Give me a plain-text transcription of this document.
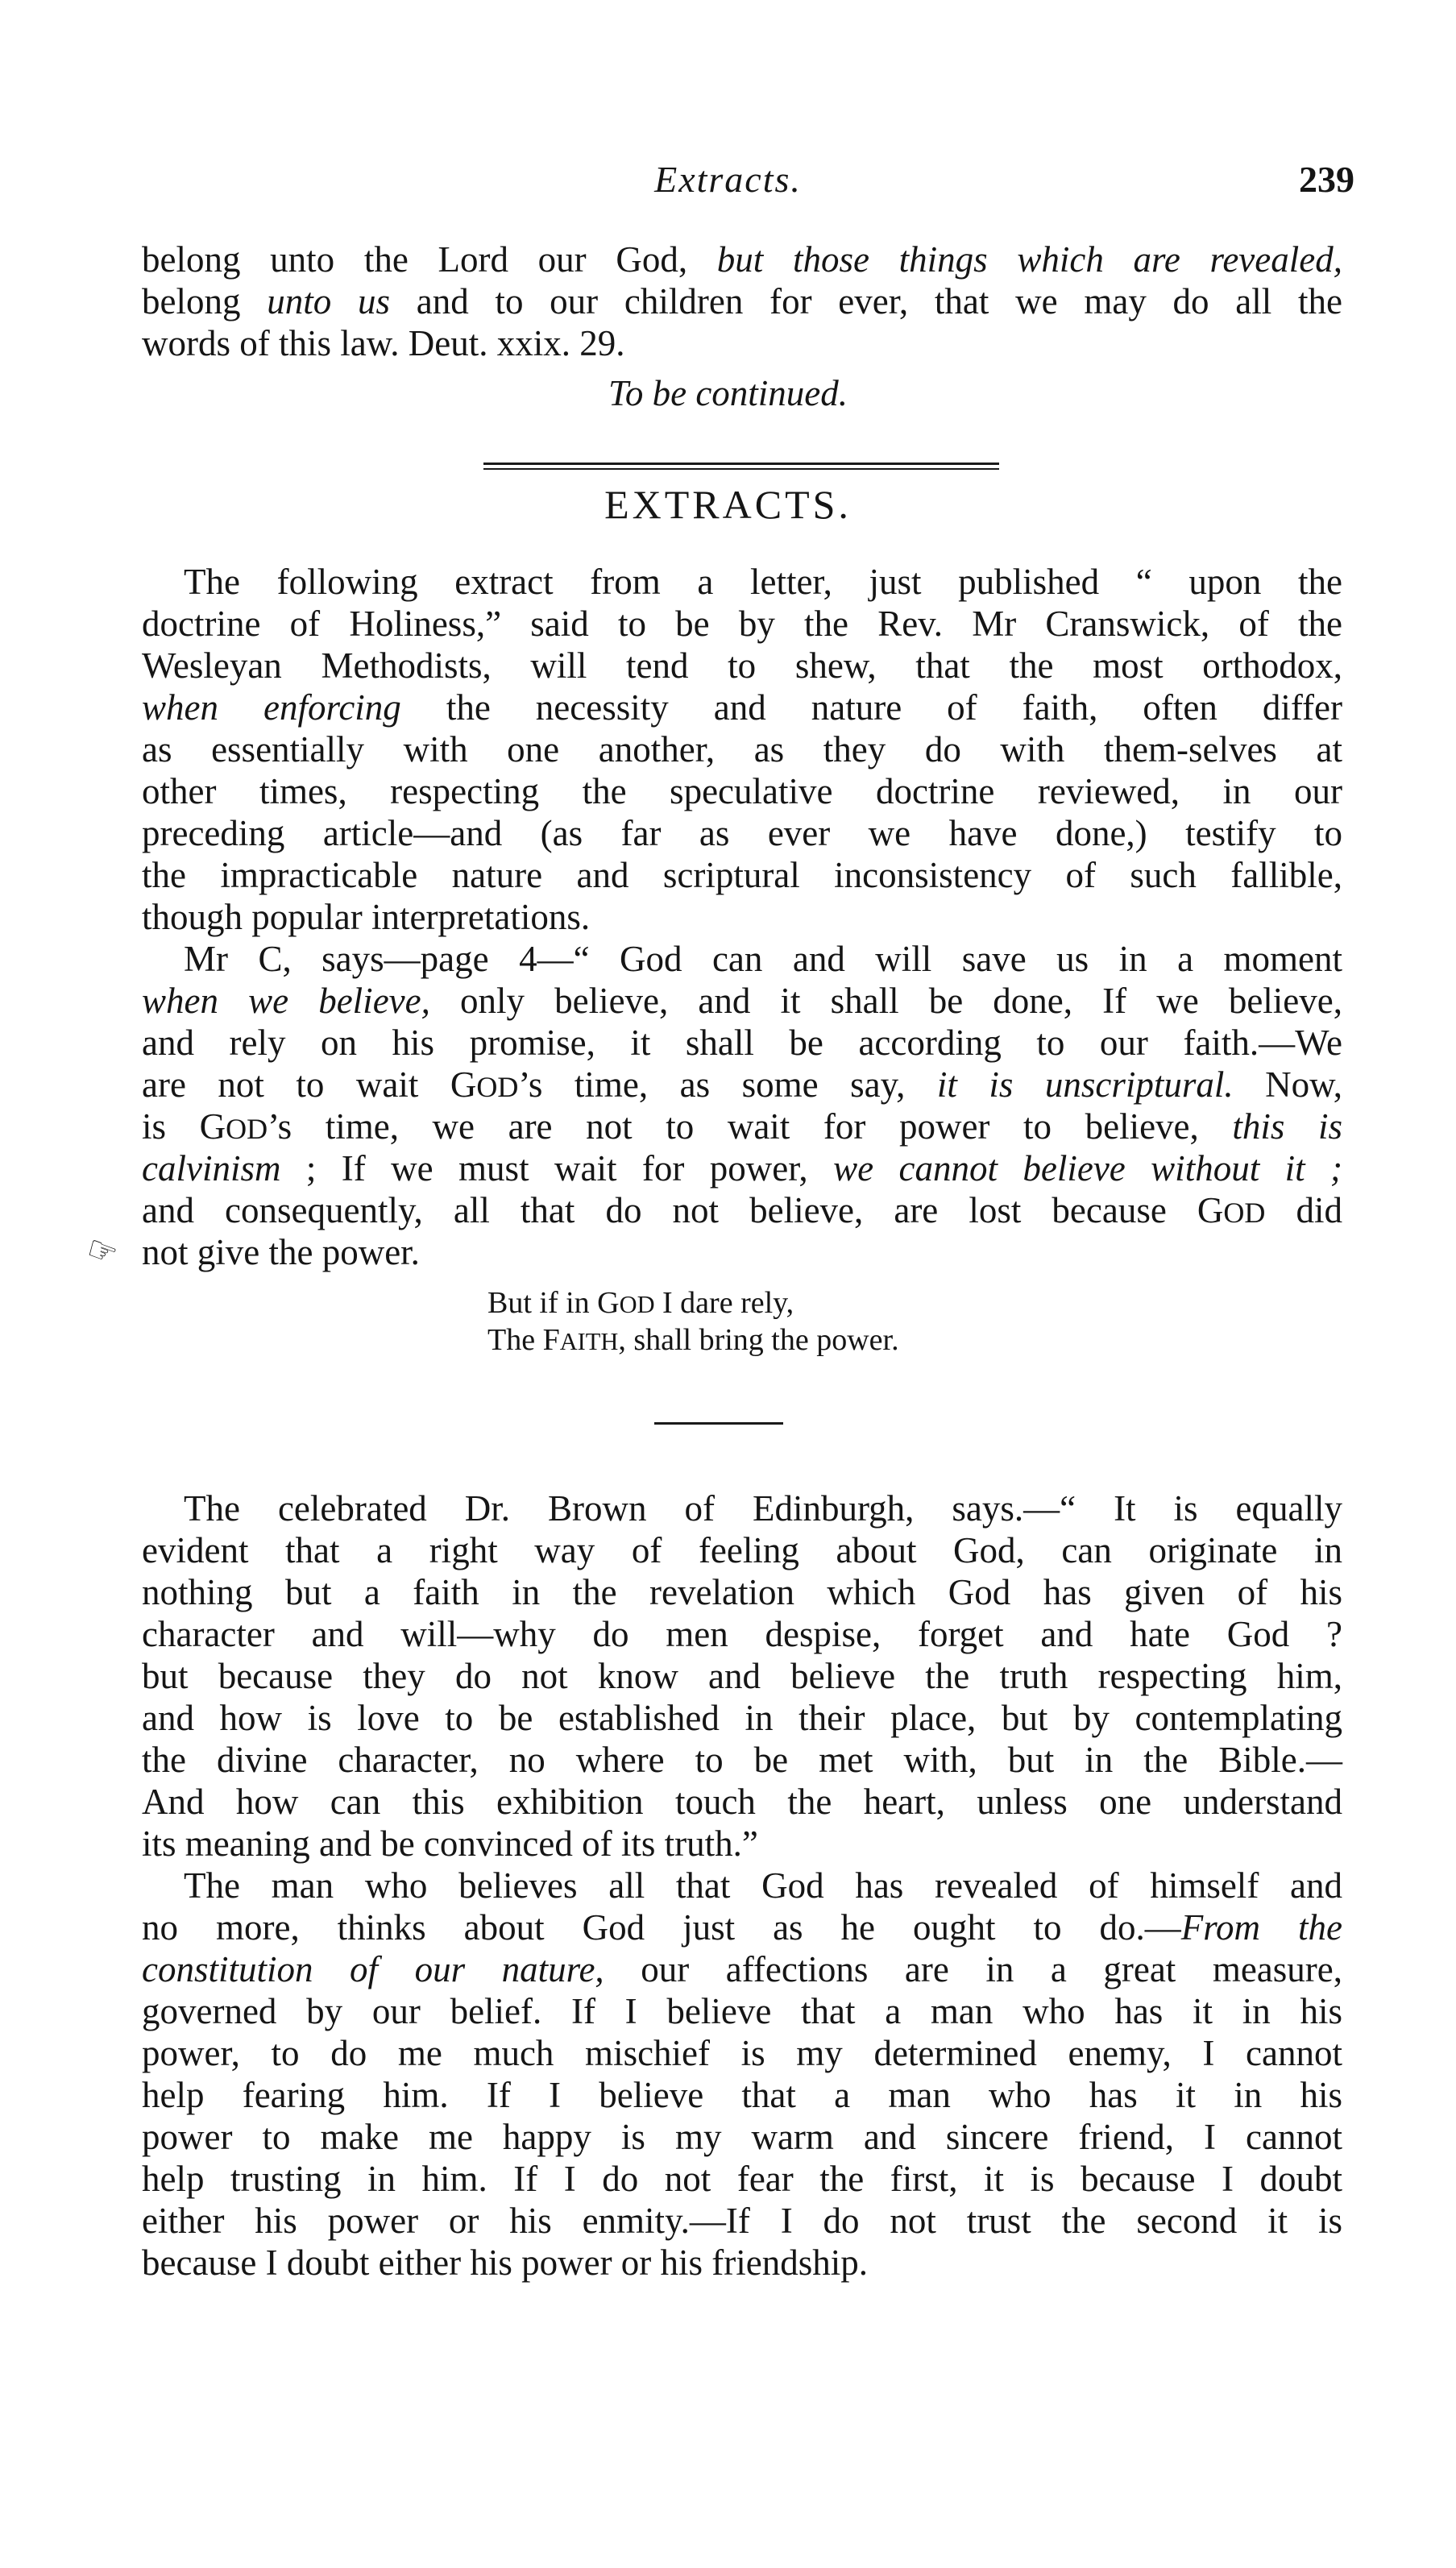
Extracts.	239
belong unto the Lord our God, but those things which are revealed,
belong unto us and to our children for ever, that we may do all the
words of this law. Deut. xxix. 29.
To be continued.
EXTRACTS.
The following extract from a letter, just published “ upon the
doctrine of Holiness,” said to be by the Rev. Mr Cranswick, of the
Wesleyan Methodists, will tend to shew, that the most orthodox,
when enforcing the necessity and nature of faith, often differ
as essentially with one another, as they do with them-selves at
other times, respecting the speculative doctrine reviewed, in our
preceding article—and (as far as ever we have done,) testify to
the impracticable nature and scriptural inconsistency of such fallible,
though popular interpretations.
Mr C, says—page 4—“ God can and will save us in a moment
when we believe, only believe, and it shall be done, If we believe,
and rely on his promise, it shall be according to our faith.—We
are not to wait GOD’s time, as some say, it is unscriptural. Now,
is GOD’s time, we are not to wait for power to believe, this is
calvinism ; If we must wait for power, we cannot believe without it ;
and consequently, all that do not believe, are lost because GOD did
not give the power.
☞
But if in GOD I dare rely,
The FAITH, shall bring the power.
The celebrated Dr. Brown of Edinburgh, says.—“ It is equally
evident that a right way of feeling about God, can originate in
nothing but a faith in the revelation which God has given of his
character and will—why do men despise, forget and hate God ?
but because they do not know and believe the truth respecting him,
and how is love to be established in their place, but by contemplating
the divine character, no where to be met with, but in the Bible.—
And how can this exhibition touch the heart, unless one understand
its meaning and be convinced of its truth.”
The man who believes all that God has revealed of himself and
no more, thinks about God just as he ought to do.—From the
constitution of our nature, our affections are in a great measure,
governed by our belief. If I believe that a man who has it in his
power, to do me much mischief is my determined enemy, I cannot
help fearing him. If I believe that a man who has it in his
power to make me happy is my warm and sincere friend, I cannot
help trusting in him. If I do not fear the first, it is because I doubt
either his power or his enmity.—If I do not trust the second it is
because I doubt either his power or his friendship.
